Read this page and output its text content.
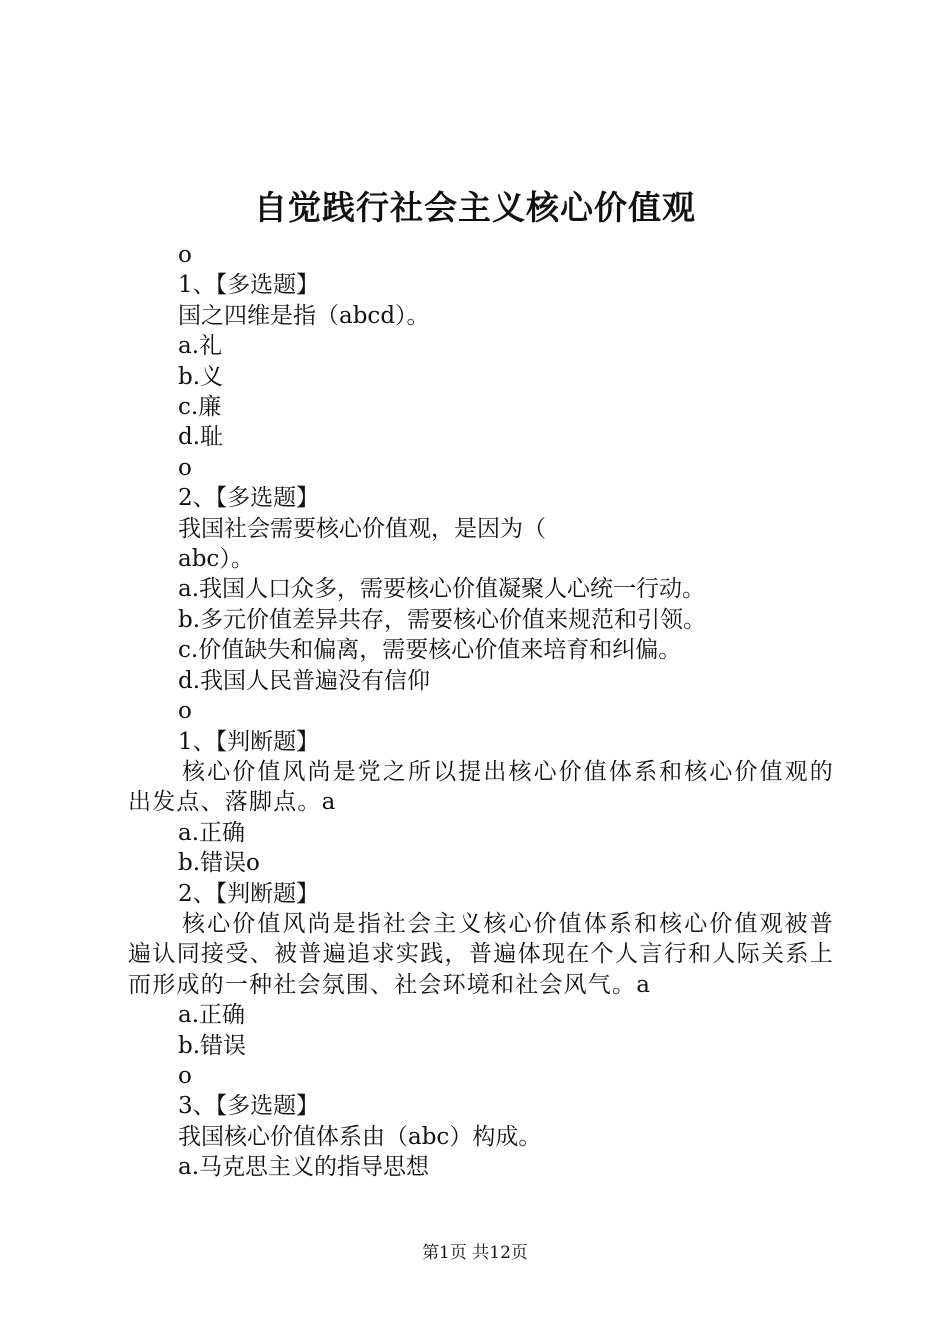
自觉践行社会主义核心价值观
o
1、【多选题】
国之四维是指（abcd）。
a.礼
b.义
c.廉
d.耻
o
2、【多选题】
我国社会需要核心价值观，是因为（
abc）。
a.我国人口众多，需要核心价值凝聚人心统一行动。
b.多元价值差异共存，需要核心价值来规范和引领。
c.价值缺失和偏离，需要核心价值来培育和纠偏。
d.我国人民普遍没有信仰
o
1、【判断题】
核心价值风尚是党之所以提出核心价值体系和核心价值观的出发点、落脚点。a
a.正确
b.错误o
2、【判断题】
核心价值风尚是指社会主义核心价值体系和核心价值观被普遍认同接受、被普遍追求实践，普遍体现在个人言行和人际关系上而形成的一种社会氛围、社会环境和社会风气。a
a.正确
b.错误
o
3、【多选题】
我国核心价值体系由（abc）构成。
a.马克思主义的指导思想
第1页 共12页
